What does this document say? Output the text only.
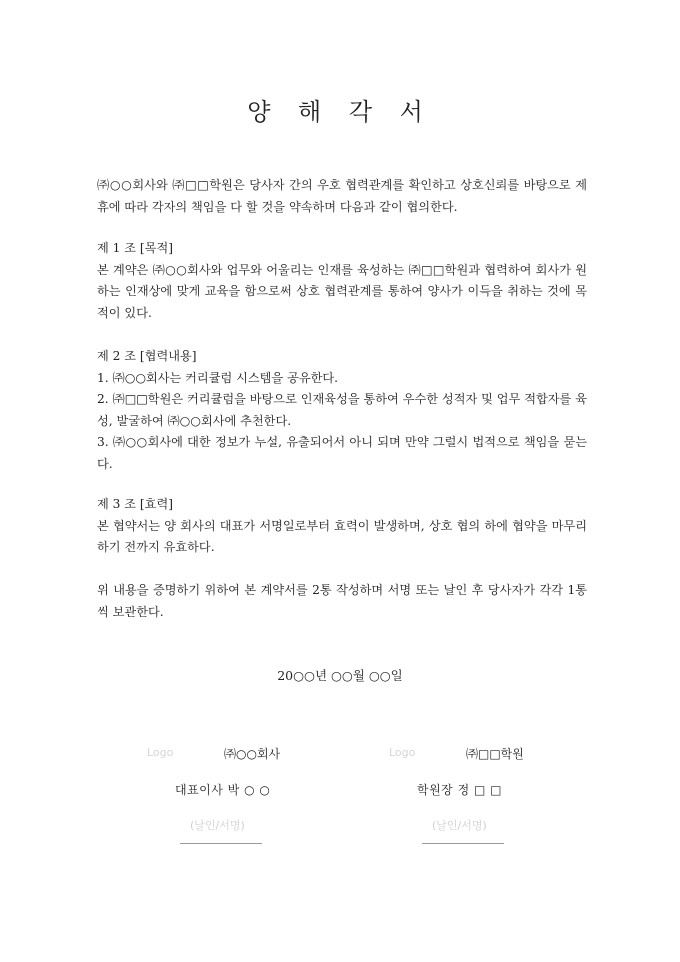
양 해 각 서
㈜○○회사와 ㈜□□학원은 당사자 간의 우호 협력관계를 확인하고 상호신뢰를 바탕으로 제휴에 따라 각자의 책임을 다 할 것을 약속하며 다음과 같이 협의한다.
제 1 조 [목적]
본 계약은 ㈜○○회사와 업무와 어울리는 인재를 육성하는 ㈜□□학원과 협력하여 회사가 원하는 인재상에 맞게 교육을 함으로써 상호 협력관계를 통하여 양사가 이득을 취하는 것에 목적이 있다.
제 2 조 [협력내용]
1. ㈜○○회사는 커리큘럼 시스템을 공유한다.
2. ㈜□□학원은 커리큘럼을 바탕으로 인재육성을 통하여 우수한 성적자 및 업무 적합자를 육성, 발굴하여 ㈜○○회사에 추천한다.
3. ㈜○○회사에 대한 정보가 누설, 유출되어서 아니 되며 만약 그럴시 법적으로 책임을 묻는다.
제 3 조 [효력]
본 협약서는 양 회사의 대표가 서명일로부터 효력이 발생하며, 상호 협의 하에 협약을 마무리하기 전까지 유효하다.
위 내용을 증명하기 위하여 본 계약서를 2통 작성하며 서명 또는 날인 후 당사자가 각각 1통씩 보관한다.
20○○년 ○○월 ○○일
Logo	㈜○○회사
대표이사 박 ○ ○
(날인/서명)
Logo	㈜□□학원
학원장 정 □ □
(날인/서명)
